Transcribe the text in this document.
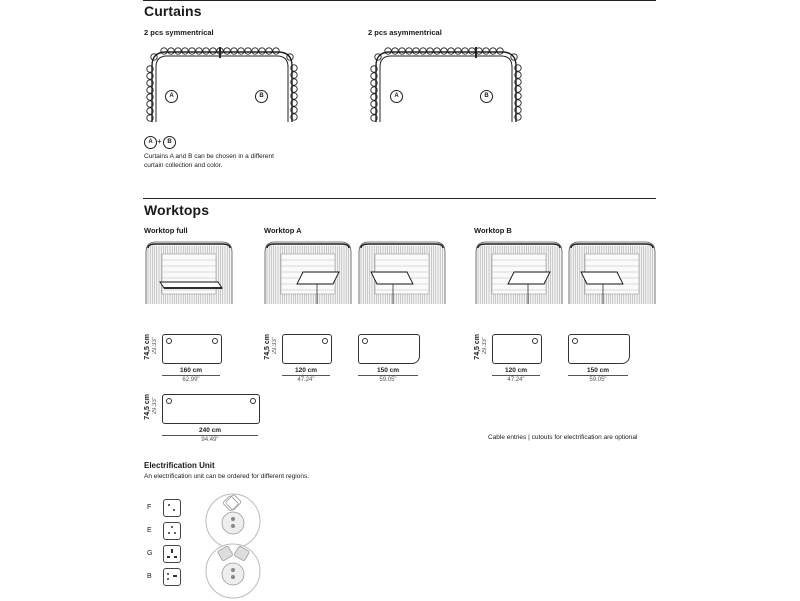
Curtains
2 pcs symmentrical	2 pcs asymmentrical
A	B	A	B
A + B
Curtains A and B can be chosen in a different
curtain collection and color.
Worktops
Worktop full	Worktop A	Worktop B
74,5 cm 29.33"
160 cm
62.99"
74,5 cm 29.33"
240 cm
94.49"
74,5 cm 29.33"
120 cm
47.24"
150 cm
59.05"
74,5 cm 29.33"
120 cm
47.24"
150 cm
59.05"
Cable entries | cutouts for electrification are optional
Electrification Unit
An electrification unit can be ordered for different regions.
F
E
G
B
